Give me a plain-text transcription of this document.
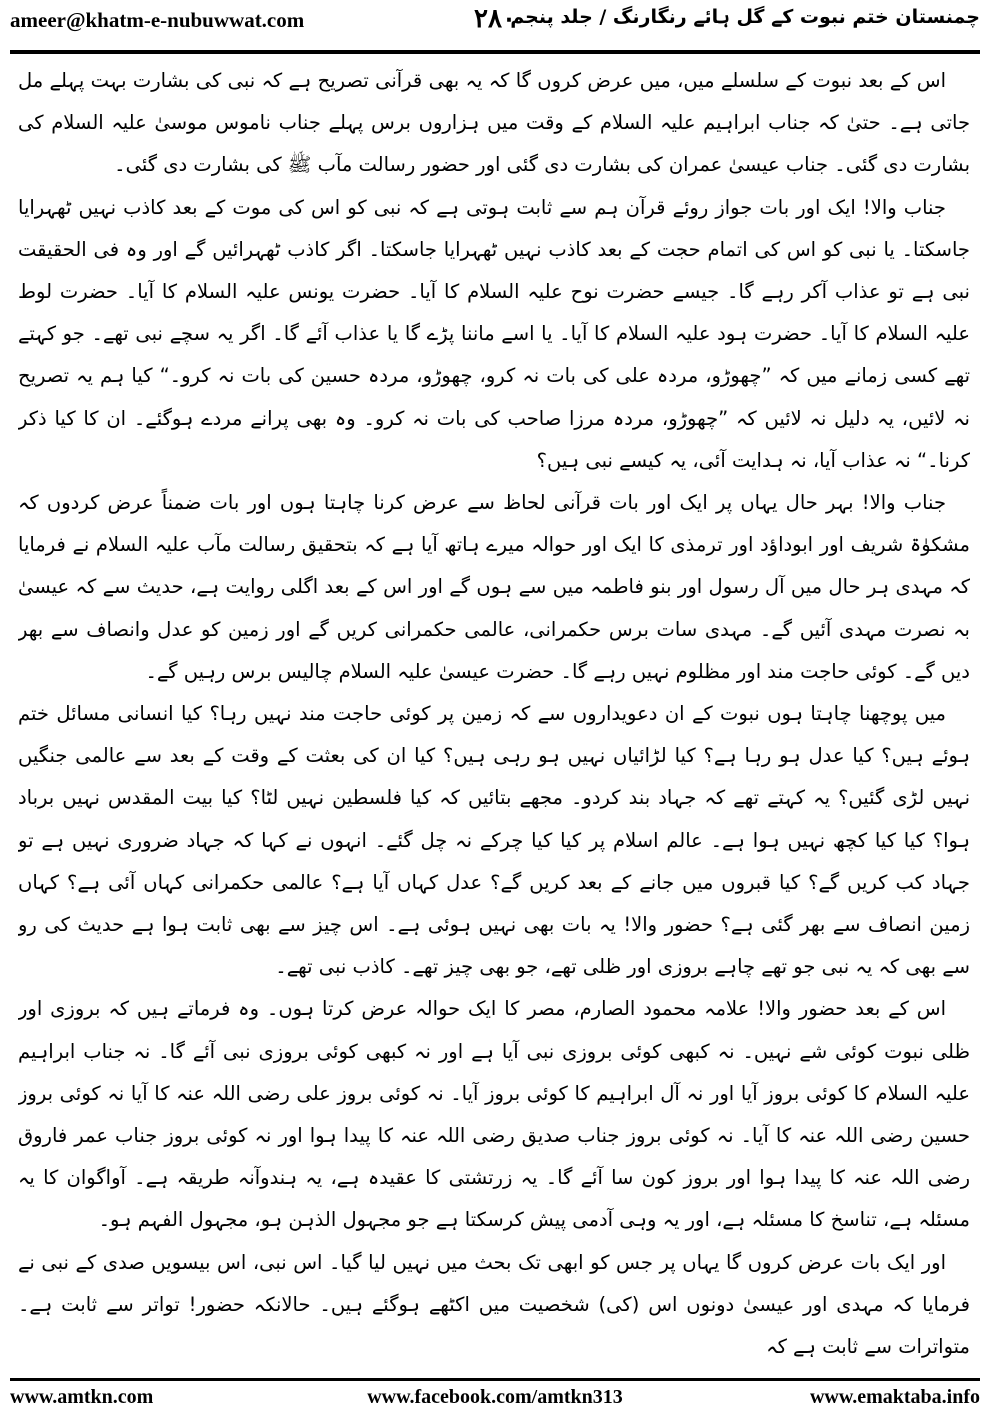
ameer@khatm-e-nubuwwat.com	۲۸۰
چمنستان ختم نبوت کے گل ہائے رنگارنگ / جلد پنجم

اس کے بعد نبوت کے سلسلے میں، میں عرض کروں گا کہ یہ بھی قرآنی تصریح ہے کہ نبی کی بشارت بہت پہلے مل جاتی ہے۔ حتیٰ کہ جناب ابراہیم علیہ السلام کے وقت میں ہزاروں برس پہلے جناب ناموس موسیٰ علیہ السلام کی بشارت دی گئی۔ جناب عیسیٰ عمران کی بشارت دی گئی اور حضور رسالت مآب ﷺ کی بشارت دی گئی۔

جناب والا! ایک اور بات جواز روئے قرآن ہم سے ثابت ہوتی ہے کہ نبی کو اس کی موت کے بعد کاذب نہیں ٹھہرایا جاسکتا۔ یا نبی کو اس کی اتمام حجت کے بعد کاذب نہیں ٹھہرایا جاسکتا۔ اگر کاذب ٹھہرائیں گے اور وہ فی الحقیقت نبی ہے تو عذاب آکر رہے گا۔ جیسے حضرت نوح علیہ السلام کا آیا۔ حضرت یونس علیہ السلام کا آیا۔ حضرت لوط علیہ السلام کا آیا۔ حضرت ہود علیہ السلام کا آیا۔ یا اسے ماننا پڑے گا یا عذاب آئے گا۔ اگر یہ سچے نبی تھے۔ جو کہتے تھے کسی زمانے میں کہ ”چھوڑو، مردہ علی کی بات نہ کرو، چھوڑو، مردہ حسین کی بات نہ کرو۔“ کیا ہم یہ تصریح نہ لائیں، یہ دلیل نہ لائیں کہ ”چھوڑو، مردہ مرزا صاحب کی بات نہ کرو۔ وہ بھی پرانے مردے ہوگئے۔ ان کا کیا ذکر کرنا۔“ نہ عذاب آیا، نہ ہدایت آئی، یہ کیسے نبی ہیں؟

جناب والا! بہر حال یہاں پر ایک اور بات قرآنی لحاظ سے عرض کرنا چاہتا ہوں اور بات ضمناً عرض کردوں کہ مشکوٰۃ شریف اور ابوداؤد اور ترمذی کا ایک اور حوالہ میرے ہاتھ آیا ہے کہ بتحقیق رسالت مآب علیہ السلام نے فرمایا کہ مہدی ہر حال میں آل رسول اور بنو فاطمہ میں سے ہوں گے اور اس کے بعد اگلی روایت ہے، حدیث سے کہ عیسیٰ بہ نصرت مہدی آئیں گے۔ مہدی سات برس حکمرانی، عالمی حکمرانی کریں گے اور زمین کو عدل وانصاف سے بھر دیں گے۔ کوئی حاجت مند اور مظلوم نہیں رہے گا۔ حضرت عیسیٰ علیہ السلام چالیس برس رہیں گے۔

میں پوچھنا چاہتا ہوں نبوت کے ان دعویداروں سے کہ زمین پر کوئی حاجت مند نہیں رہا؟ کیا انسانی مسائل ختم ہوئے ہیں؟ کیا عدل ہو رہا ہے؟ کیا لڑائیاں نہیں ہو رہی ہیں؟ کیا ان کی بعثت کے وقت کے بعد سے عالمی جنگیں نہیں لڑی گئیں؟ یہ کہتے تھے کہ جہاد بند کردو۔ مجھے بتائیں کہ کیا فلسطین نہیں لٹا؟ کیا بیت المقدس نہیں برباد ہوا؟ کیا کیا کچھ نہیں ہوا ہے۔ عالم اسلام پر کیا کیا چرکے نہ چل گئے۔ انہوں نے کہا کہ جہاد ضروری نہیں ہے تو جہاد کب کریں گے؟ کیا قبروں میں جانے کے بعد کریں گے؟ عدل کہاں آیا ہے؟ عالمی حکمرانی کہاں آئی ہے؟ کہاں زمین انصاف سے بھر گئی ہے؟ حضور والا! یہ بات بھی نہیں ہوئی ہے۔ اس چیز سے بھی ثابت ہوا ہے حدیث کی رو سے بھی کہ یہ نبی جو تھے چاہے بروزی اور ظلی تھے، جو بھی چیز تھے۔ کاذب نبی تھے۔

اس کے بعد حضور والا! علامہ محمود الصارم، مصر کا ایک حوالہ عرض کرتا ہوں۔ وہ فرماتے ہیں کہ بروزی اور ظلی نبوت کوئی شے نہیں۔ نہ کبھی کوئی بروزی نبی آیا ہے اور نہ کبھی کوئی بروزی نبی آئے گا۔ نہ جناب ابراہیم علیہ السلام کا کوئی بروز آیا اور نہ آل ابراہیم کا کوئی بروز آیا۔ نہ کوئی بروز علی رضی اللہ عنہ کا آیا نہ کوئی بروز حسین رضی اللہ عنہ کا آیا۔ نہ کوئی بروز جناب صدیق رضی اللہ عنہ کا پیدا ہوا اور نہ کوئی بروز جناب عمر فاروق رضی اللہ عنہ کا پیدا ہوا اور بروز کون سا آئے گا۔ یہ زرتشتی کا عقیدہ ہے، یہ ہندوآنہ طریقہ ہے۔ آواگوان کا یہ مسئلہ ہے، تناسخ کا مسئلہ ہے، اور یہ وہی آدمی پیش کرسکتا ہے جو مجہول الذہن ہو، مجہول الفہم ہو۔

اور ایک بات عرض کروں گا یہاں پر جس کو ابھی تک بحث میں نہیں لیا گیا۔ اس نبی، اس بیسویں صدی کے نبی نے فرمایا کہ مہدی اور عیسیٰ دونوں اس (کی) شخصیت میں اکٹھے ہوگئے ہیں۔ حالانکہ حضور! تواتر سے ثابت ہے۔ متواترات سے ثابت ہے کہ

www.amtkn.com	www.facebook.com/amtkn313	www.emaktaba.info
